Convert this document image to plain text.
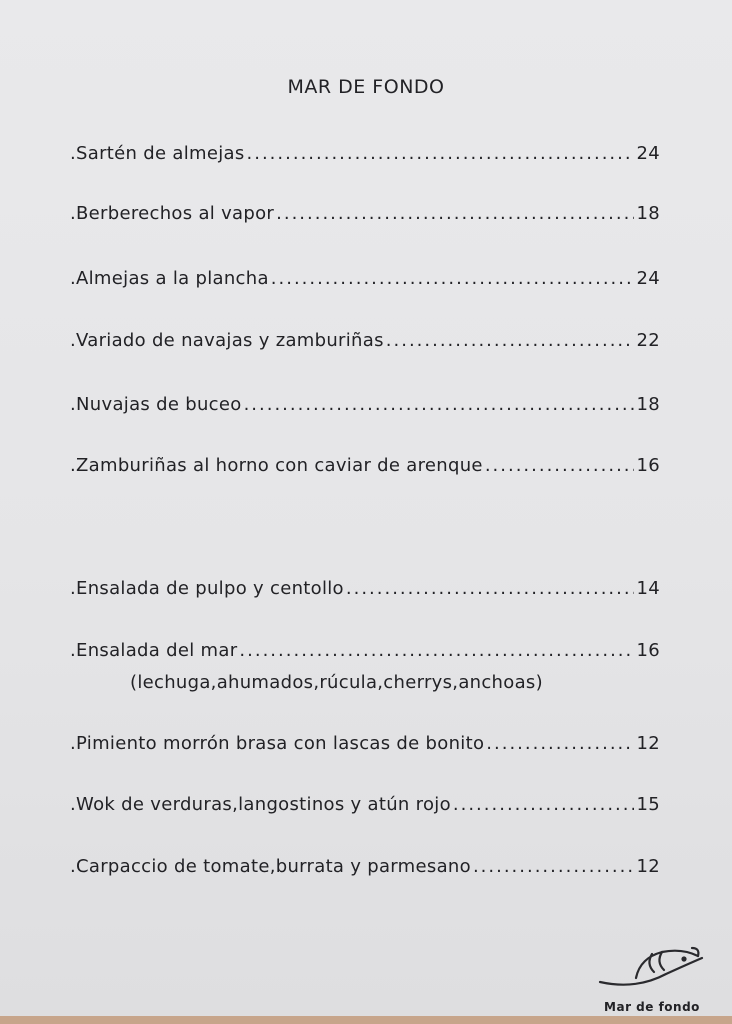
MAR DE FONDO
.Sartén de almejas .....	24
.Berberechos al vapor .....	18
.Almejas a la plancha .....	24
.Variado de navajas y zamburiñas .....	22
.Nuvajas de buceo .....	18
.Zamburiñas al horno con caviar de arenque .....	16
.Ensalada de pulpo y centollo .....	14
.Ensalada del mar .....	16
(lechuga,ahumados,rúcula,cherrys,anchoas)
.Pimiento morrón brasa con lascas de bonito .....	12
.Wok de verduras,langostinos y atún rojo .....	15
.Carpaccio de tomate,burrata y parmesano .....	12
Mar de fondo
